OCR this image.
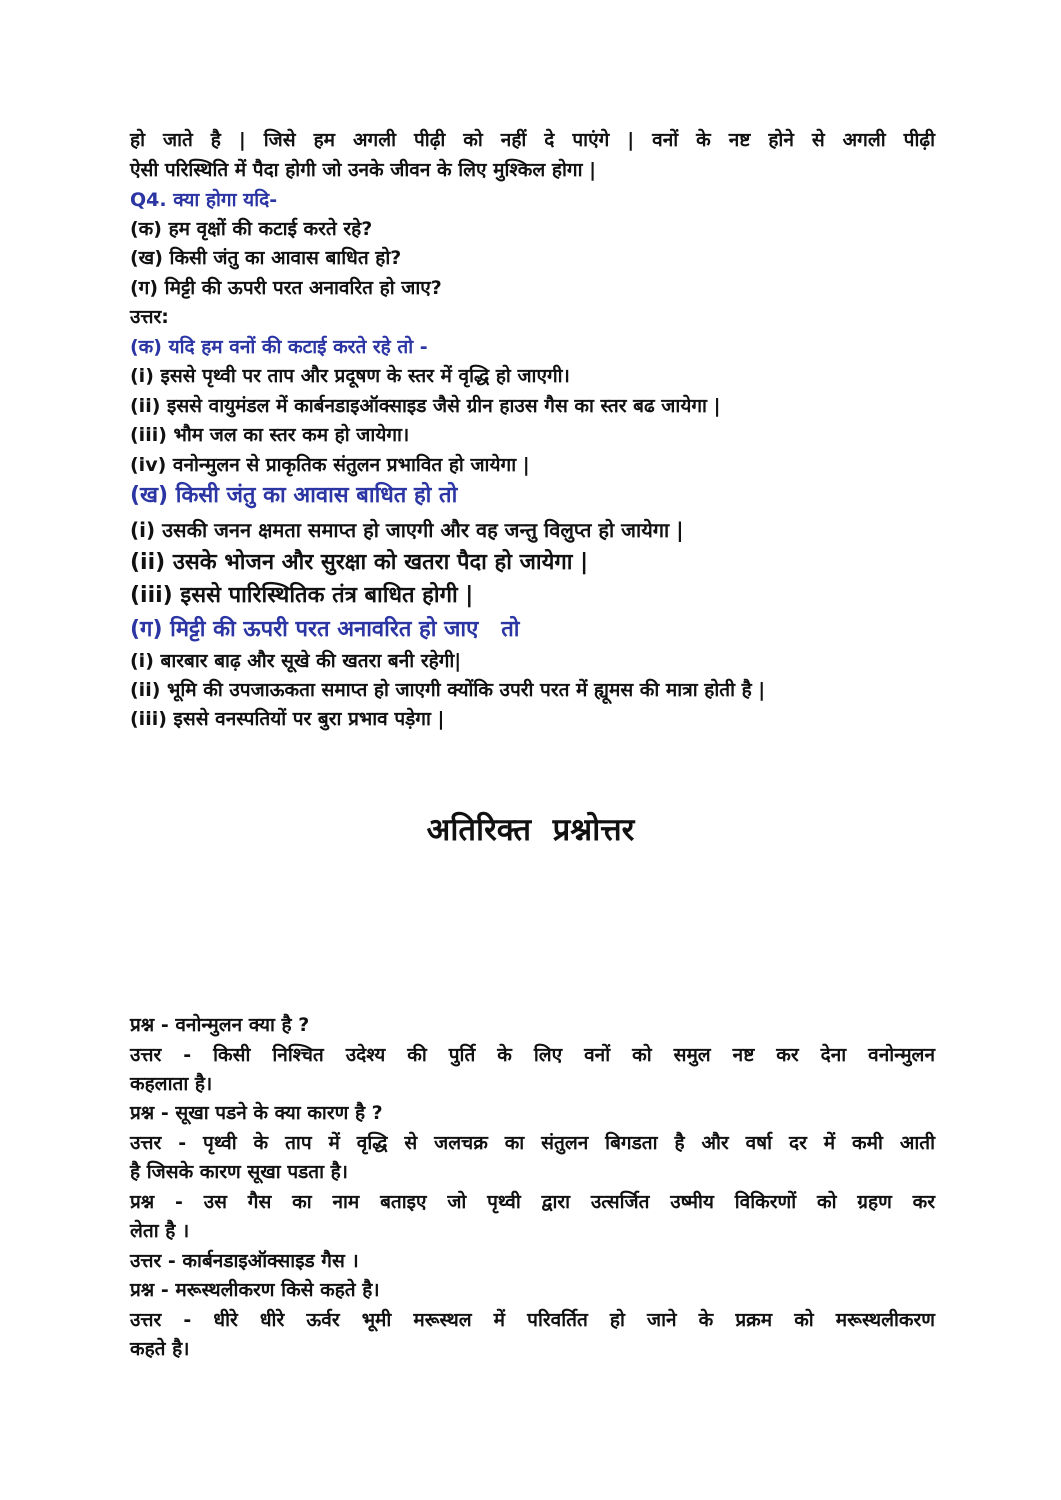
हो जाते है | जिसे हम अगली पीढ़ी को नहीं दे पाएंगे | वनों के नष्ट होने से अगली पीढ़ी
ऐसी परिस्थिति में पैदा होगी जो उनके जीवन के लिए मुश्किल होगा |
Q4. क्या होगा यदि-
(क) हम वृक्षों की कटाई करते रहे?
(ख) किसी जंतु का आवास बाधित हो?
(ग) मिट्टी की ऊपरी परत अनावरित हो जाए?
उत्तर:
(क) यदि हम वनों की कटाई करते रहे तो -
(i) इससे पृथ्वी पर ताप और प्रदूषण के स्तर में वृद्धि हो जाएगी।
(ii) इससे वायुमंडल में कार्बनडाइऑक्साइड जैसे ग्रीन हाउस गैस का स्तर बढ जायेगा |
(iii) भौम जल का स्तर कम हो जायेगा।
(iv) वनोन्मुलन से प्राकृतिक संतुलन प्रभावित हो जायेगा |
(ख) किसी जंतु का आवास बाधित हो तो
(i) उसकी जनन क्षमता समाप्त हो जाएगी और वह जन्तु विलुप्त हो जायेगा |
(ii) उसके भोजन और सुरक्षा को खतरा पैदा हो जायेगा |
(iii) इससे पारिस्थितिक तंत्र बाधित होगी |
(ग) मिट्टी की ऊपरी परत अनावरित हो जाए   तो
(i) बारबार बाढ़ और सूखे की खतरा बनी रहेगी|
(ii) भूमि की उपजाऊकता समाप्त हो जाएगी क्योंकि उपरी परत में ह्यूमस की मात्रा होती है |
(iii) इससे वनस्पतियों पर बुरा प्रभाव पड़ेगा |
अतिरिक्त  प्रश्नोत्तर
प्रश्न - वनोन्मुलन क्या है ?
उत्तर - किसी निश्चित उदेश्य की पुर्ति के लिए वनों को समुल नष्ट कर देना वनोन्मुलन
कहलाता है।
प्रश्न - सूखा पडने के क्या कारण है ?
उत्तर - पृथ्वी के ताप में वृद्धि से जलचक्र का संतुलन बिगडता है और वर्षा दर में कमी आती
है जिसके कारण सूखा पडता है।
प्रश्न - उस गैस का नाम बताइए जो पृथ्वी द्वारा उत्सर्जित उष्मीय विकिरणों को ग्रहण कर
लेता है ।
उत्तर - कार्बनडाइऑक्साइड गैस ।
प्रश्न - मरूस्थलीकरण किसे कहते है।
उत्तर - धीरे धीरे ऊर्वर भूमी मरूस्थल में परिवर्तित हो जाने के प्रक्रम को मरूस्थलीकरण
कहते है।
